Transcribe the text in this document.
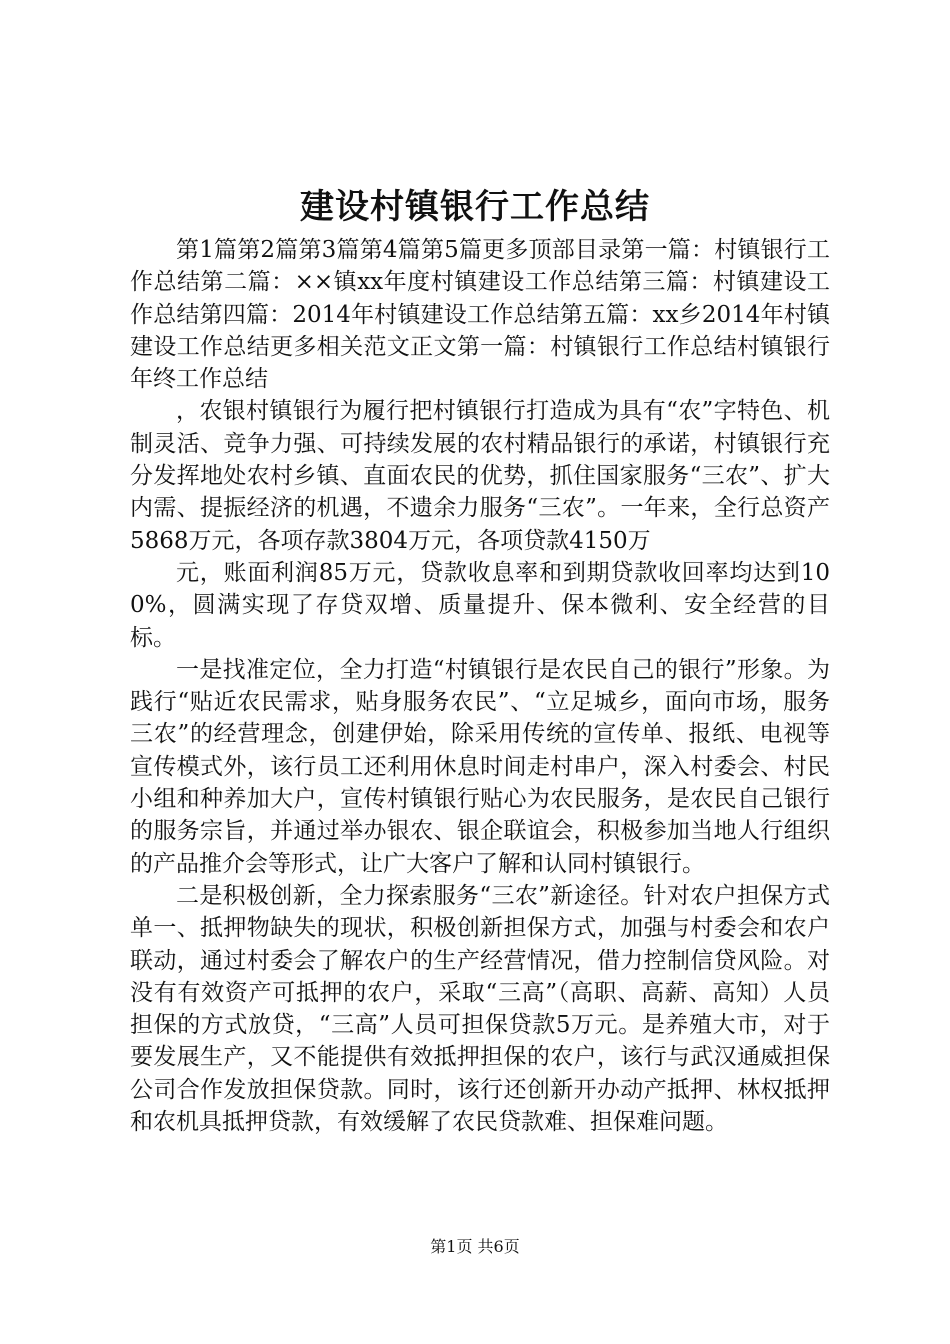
建设村镇银行工作总结

第1篇第2篇第3篇第4篇第5篇更多顶部目录第一篇：村镇银行工作总结第二篇：××镇xx年度村镇建设工作总结第三篇：村镇建设工作总结第四篇：2014年村镇建设工作总结第五篇：xx乡2014年村镇建设工作总结更多相关范文正文第一篇：村镇银行工作总结村镇银行年终工作总结

，农银村镇银行为履行把村镇银行打造成为具有“农”字特色、机制灵活、竞争力强、可持续发展的农村精品银行的承诺，村镇银行充分发挥地处农村乡镇、直面农民的优势，抓住国家服务“三农”、扩大内需、提振经济的机遇，不遗余力服务“三农”。一年来，全行总资产5868万元，各项存款3804万元，各项贷款4150万

元，账面利润85万元，贷款收息率和到期贷款收回率均达到100%，圆满实现了存贷双增、质量提升、保本微利、安全经营的目标。

一是找准定位，全力打造“村镇银行是农民自己的银行”形象。为践行“贴近农民需求，贴身服务农民”、“立足城乡，面向市场，服务三农”的经营理念，创建伊始，除采用传统的宣传单、报纸、电视等宣传模式外，该行员工还利用休息时间走村串户，深入村委会、村民小组和种养加大户，宣传村镇银行贴心为农民服务，是农民自己银行的服务宗旨，并通过举办银农、银企联谊会，积极参加当地人行组织的产品推介会等形式，让广大客户了解和认同村镇银行。

二是积极创新，全力探索服务“三农”新途径。针对农户担保方式单一、抵押物缺失的现状，积极创新担保方式，加强与村委会和农户联动，通过村委会了解农户的生产经营情况，借力控制信贷风险。对没有有效资产可抵押的农户，采取“三高”（高职、高薪、高知）人员担保的方式放贷，“三高”人员可担保贷款5万元。是养殖大市，对于要发展生产，又不能提供有效抵押担保的农户，该行与武汉通威担保公司合作发放担保贷款。同时，该行还创新开办动产抵押、林权抵押和农机具抵押贷款，有效缓解了农民贷款难、担保难问题。

第1页 共6页
